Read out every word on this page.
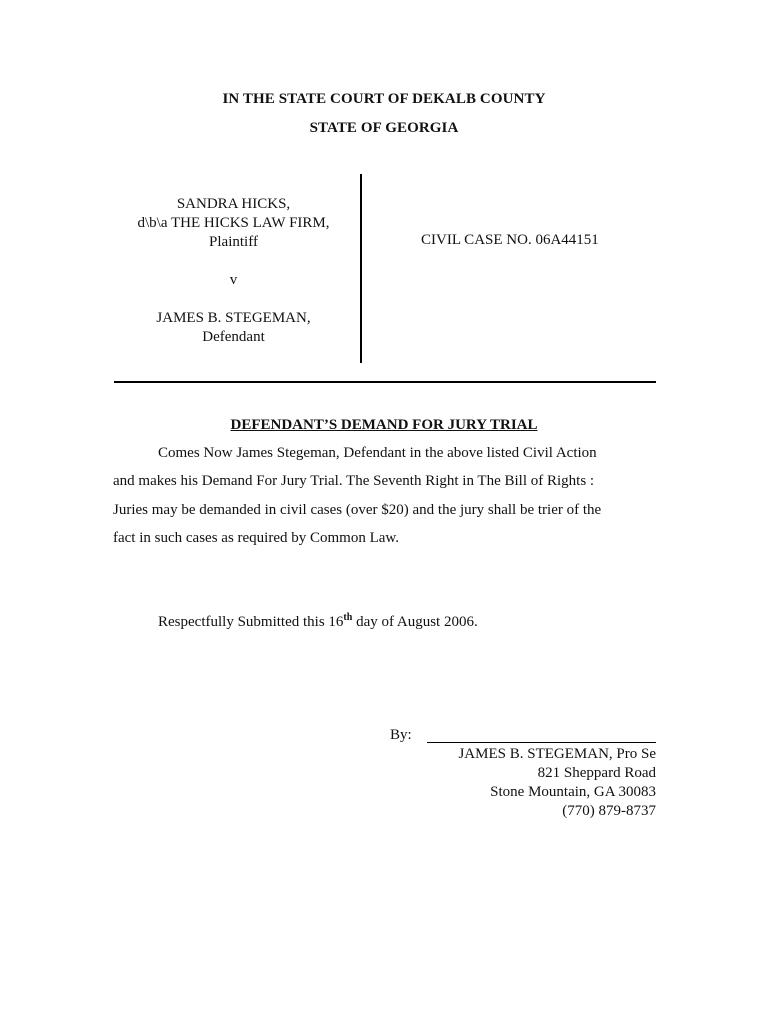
IN THE STATE COURT OF DEKALB COUNTY
STATE OF GEORGIA
SANDRA HICKS,
d\b\a THE HICKS LAW FIRM,
Plaintiff
v
JAMES B. STEGEMAN,
Defendant
CIVIL CASE NO. 06A44151
DEFENDANT’S DEMAND FOR JURY TRIAL
Comes Now James Stegeman, Defendant in the above listed Civil Action
and makes his Demand For Jury Trial. The Seventh Right in The Bill of Rights :
Juries may be demanded in civil cases (over $20) and the jury shall be trier of the
fact in such cases as required by Common Law.
Respectfully Submitted this 16th day of August 2006.
By:
JAMES B. STEGEMAN, Pro Se
821 Sheppard Road
Stone Mountain, GA 30083
(770) 879-8737
